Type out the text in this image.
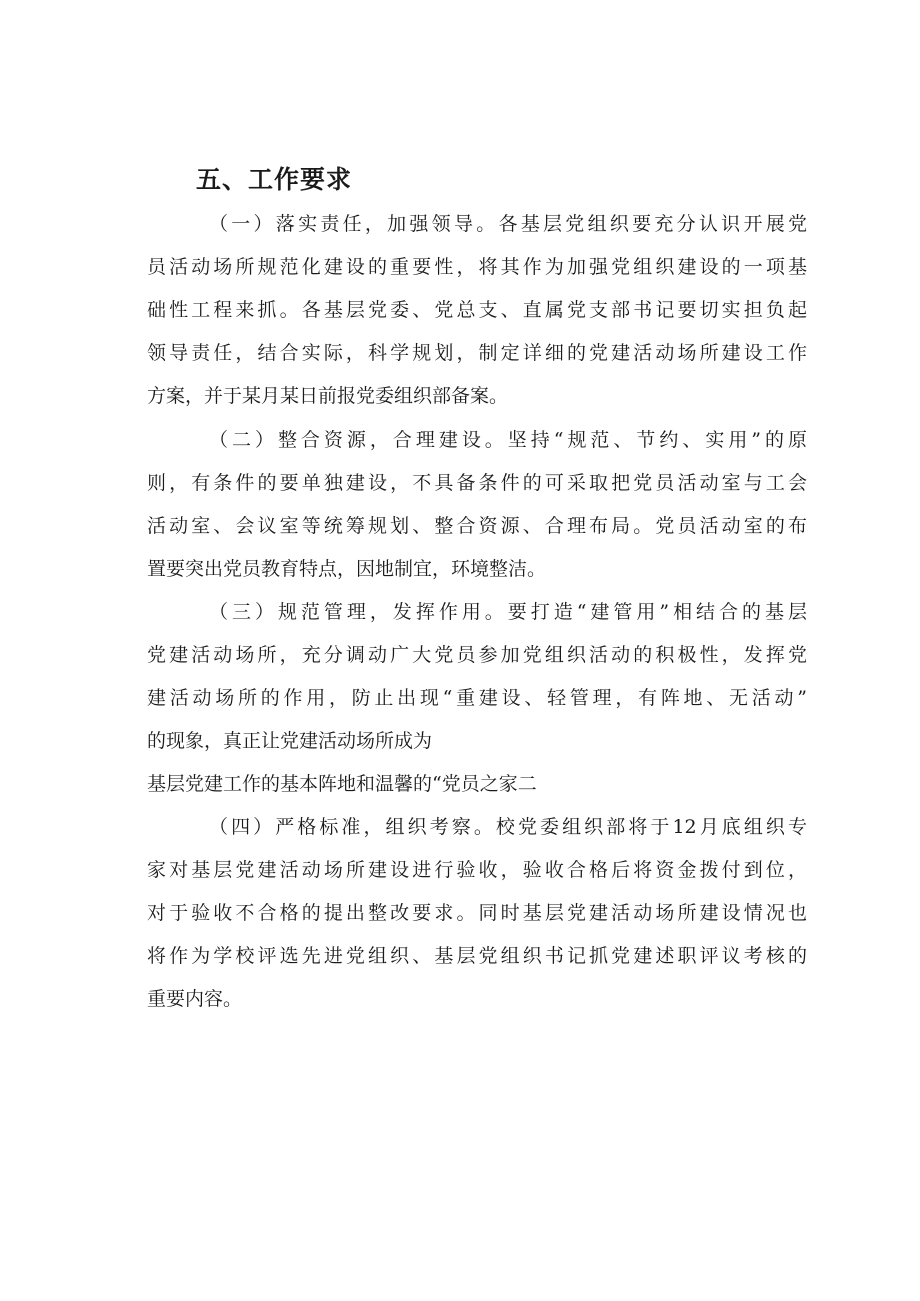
五、工作要求
（一）落实责任，加强领导。各基层党组织要充分认识开展党
员活动场所规范化建设的重要性，将其作为加强党组织建设的一项基
础性工程来抓。各基层党委、党总支、直属党支部书记要切实担负起
领导责任，结合实际，科学规划，制定详细的党建活动场所建设工作
方案，并于某月某日前报党委组织部备案。
（二）整合资源，合理建设。坚持“规范、节约、实用”的原
则，有条件的要单独建设，不具备条件的可采取把党员活动室与工会
活动室、会议室等统筹规划、整合资源、合理布局。党员活动室的布
置要突出党员教育特点，因地制宜，环境整洁。
（三）规范管理，发挥作用。要打造“建管用”相结合的基层
党建活动场所，充分调动广大党员参加党组织活动的积极性，发挥党
建活动场所的作用，防止出现“重建设、轻管理，有阵地、无活动”
的现象，真正让党建活动场所成为
基层党建工作的基本阵地和温馨的“党员之家二
（四）严格标准，组织考察。校党委组织部将于12月底组织专
家对基层党建活动场所建设进行验收，验收合格后将资金拨付到位，
对于验收不合格的提出整改要求。同时基层党建活动场所建设情况也
将作为学校评选先进党组织、基层党组织书记抓党建述职评议考核的
重要内容。
